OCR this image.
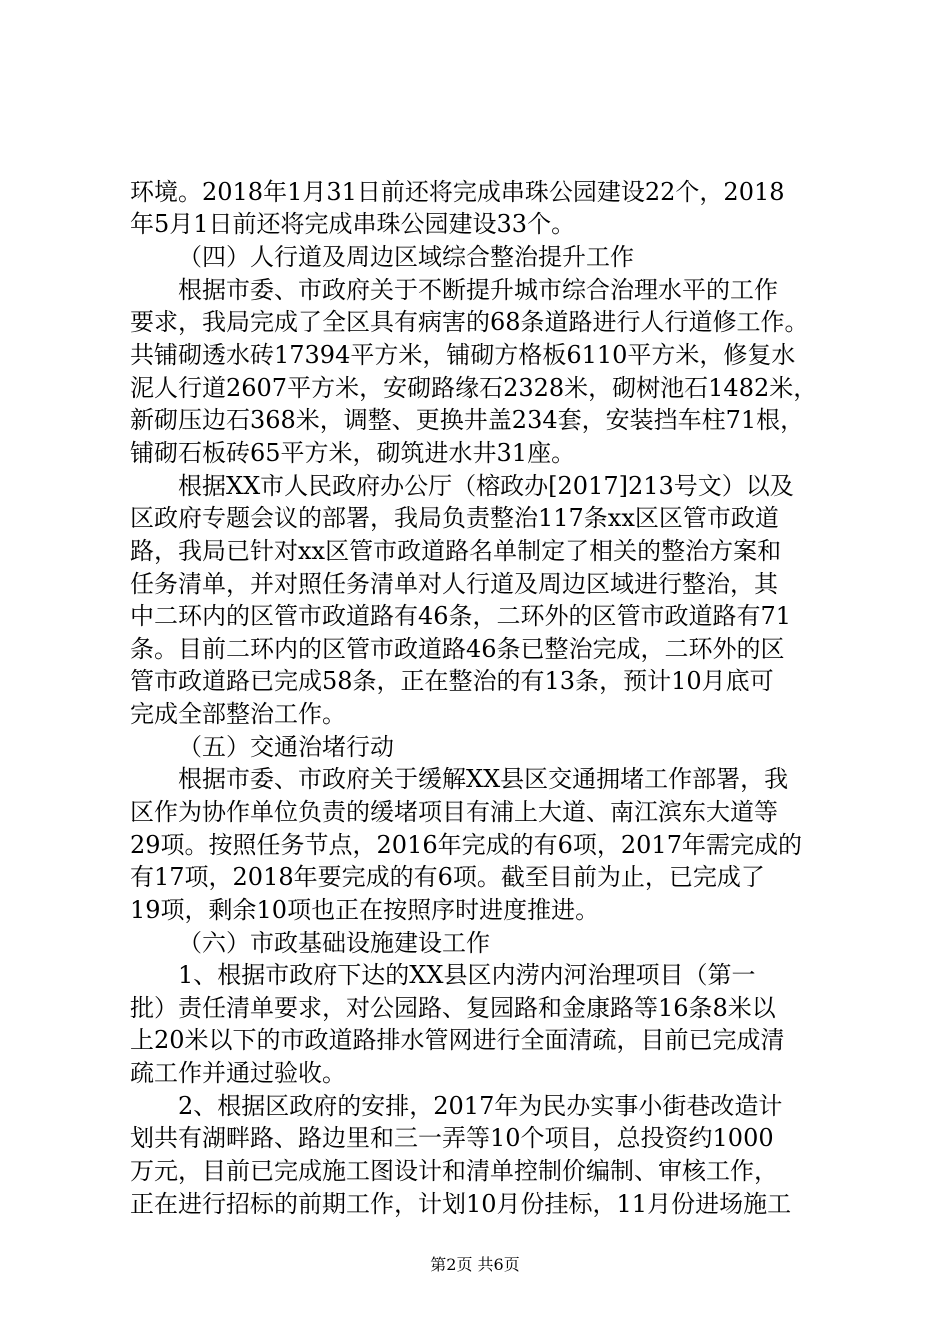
环境。2018年1月31日前还将完成串珠公园建设22个，2018
年5月1日前还将完成串珠公园建设33个。
（四）人行道及周边区域综合整治提升工作
根据市委、市政府关于不断提升城市综合治理水平的工作
要求，我局完成了全区具有病害的68条道路进行人行道修工作。
共铺砌透水砖17394平方米，铺砌方格板6110平方米，修复水
泥人行道2607平方米，安砌路缘石2328米，砌树池石1482米，
新砌压边石368米，调整、更换井盖234套，安装挡车柱71根，
铺砌石板砖65平方米，砌筑进水井31座。
根据XX市人民政府办公厅（榕政办[2017]213号文）以及
区政府专题会议的部署，我局负责整治117条xx区区管市政道
路，我局已针对xx区管市政道路名单制定了相关的整治方案和
任务清单，并对照任务清单对人行道及周边区域进行整治，其
中二环内的区管市政道路有46条，二环外的区管市政道路有71
条。目前二环内的区管市政道路46条已整治完成，二环外的区
管市政道路已完成58条，正在整治的有13条，预计10月底可
完成全部整治工作。
（五）交通治堵行动
根据市委、市政府关于缓解XX县区交通拥堵工作部署，我
区作为协作单位负责的缓堵项目有浦上大道、南江滨东大道等
29项。按照任务节点，2016年完成的有6项，2017年需完成的
有17项，2018年要完成的有6项。截至目前为止，已完成了
19项，剩余10项也正在按照序时进度推进。
（六）市政基础设施建设工作
1、根据市政府下达的XX县区内涝内河治理项目（第一
批）责任清单要求，对公园路、复园路和金康路等16条8米以
上20米以下的市政道路排水管网进行全面清疏，目前已完成清
疏工作并通过验收。
2、根据区政府的安排，2017年为民办实事小街巷改造计
划共有湖畔路、路边里和三一弄等10个项目，总投资约1000
万元，目前已完成施工图设计和清单控制价编制、审核工作，
正在进行招标的前期工作，计划10月份挂标，11月份进场施工
第2页 共6页
